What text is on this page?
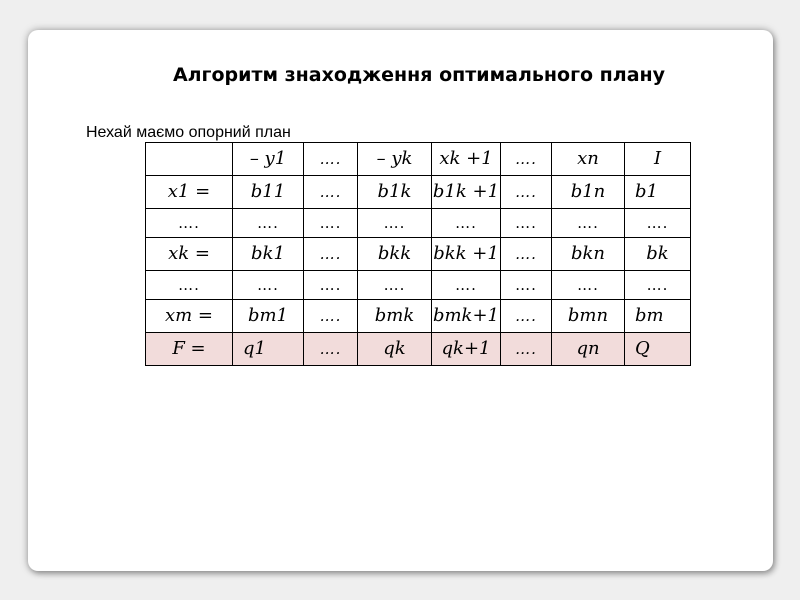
Алгоритм знаходження оптимального плану
Нехай маємо опорний план
	– y1	….	– yk	xk +1	….	xn	I
x1 =	b11	….	b1k	b1k +1	….	b1n	b1
….	….	….	….	….	….	….	….
xk =	bk1	….	bkk	bkk +1	….	bkn	bk
….	….	….	….	….	….	….	….
xm =	bm1	….	bmk	bmk+1	….	bmn	bm
F =	q1	….	qk	qk+1	….	qn	Q
